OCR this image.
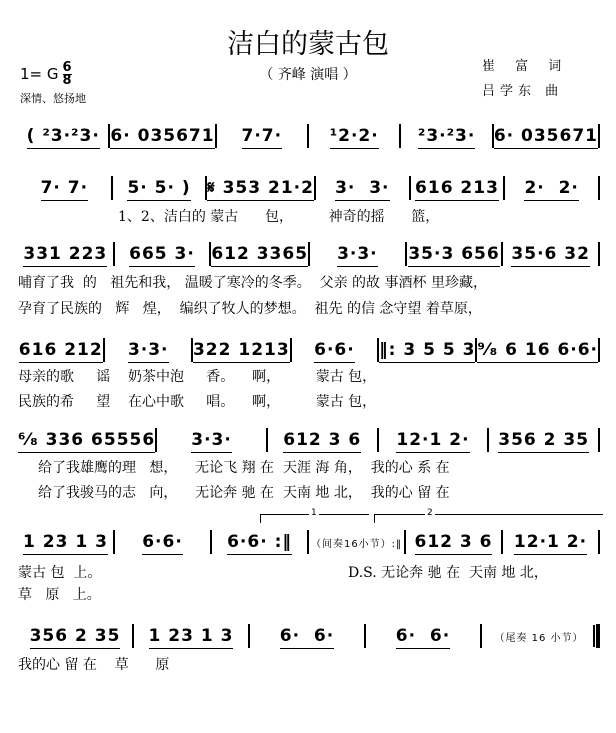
洁白的蒙古包
1= G $\frac{6}{8}$
深情、悠扬地
（ 齐峰 演唱 ）
崔 富 词
吕学东 曲
( ²3·²3· 6· 035671	7·7·	¹2·2·	²3·²3·	6· 035671
7· 7·	5· 5· ) 𝄋 353 21·2	3·  3·	616 213	2·  2·
1、2、洁白的 蒙古      包，        神奇的摇      篮，
331 223	665 3· 612 3365	3·3·	35·3 656 35·6 32
哺育了我  的   祖先和我， 温暖了寒冷的冬季。  父亲 的故 事酒杯 里珍藏，
孕育了民族的   辉   煌，  编织了牧人的梦想。  祖先 的信 念守望 着草原，
616 212	3·3·	322 1213	6·6·	‖: 3 5 5 3 ⁹⁄₈ 6 16 6·6·
母亲的歌     谣    奶茶中泡     香。    啊，        蒙古 包，
民族的希     望    在心中歌     唱。    啊，        蒙古 包，
⁶⁄₈ 336 65556	3·3·	612 3 6	12·1 2·	356 2 35
给了我雄鹰的理   想，    无论飞 翔 在  天涯 海 角，  我的心 系 在
给了我骏马的志   向，    无论奔 驰 在  天南 地 北，  我的心 留 在
1	2
1 23 1 3	6·6·	6·6· :‖	（间奏16小节）:‖ 612 3 6	12·1 2·
蒙古 包  上。	D.S. 无论奔 驰 在  天南 地 北，
草   原   上。
356 2 35	1 23 1 3	6·  6·	6·  6·	（尾奏 16 小节）
我的心 留 在    草      原
